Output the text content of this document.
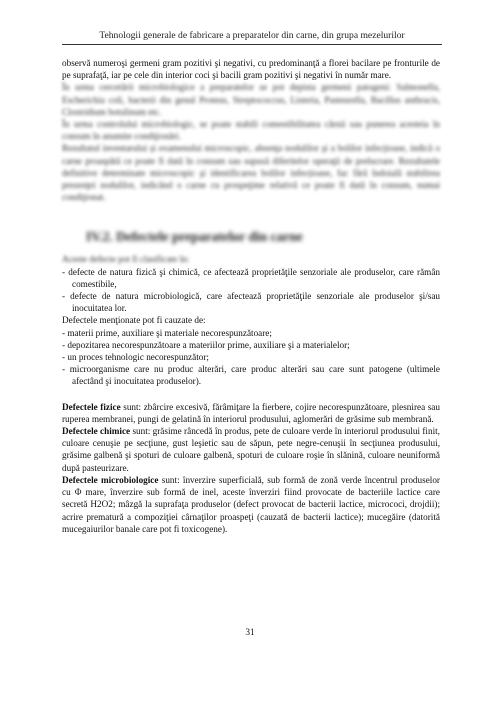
Tehnologii generale de fabricare a preparatelor din carne, din grupa mezelurilor

observă numeroşi germeni gram pozitivi şi negativi, cu predominanţă a florei bacilare pe fronturile de pe suprafaţă, iar pe cele din interior coci şi bacili gram pozitivi şi negativi în număr mare.

În urma cercetării microbiologice a preparatelor se pot depista germeni patogeni: Salmonella, Escherichia coli, bacterii din genul Proteus, Streptococcus, Listeria, Pasteurella, Bacillus anthracis, Clostridium botulinum etc.

În urma controlului microbiologic, se poate stabili comestibilitatea cărnii sau punerea acesteia în consum în anumite condiţionări.

Rezultatul inventarului și examenului microscopic, absenţa nodulilor şi a bolilor infecțioase, indică o carne proaspătă ce poate fi dată în consum sau supusă diferitelor operaţii de prelucrare. Rezultatele definitive determinate microscopic şi identificarea bolilor infecțioase, fac fără îndoială stabilirea prezenţei nodulilor, indicând o carne cu prospeţime relativă ce poate fi dată în consum, numai condiţionat.

IV.2. Defectele preparatelor din carne

Aceste defecte pot fi clasificate în:

- defecte de natura fizică şi chimică, ce afectează proprietăţile senzoriale ale produselor, care rămân comestibile,
- defecte de natura microbiologică, care afectează proprietăţile senzoriale ale produselor şi/sau inocuitatea lor.

Defectele menţionate pot fi cauzate de:

- materii prime, auxiliare şi materiale necorespunzătoare;
- depozitarea necorespunzătoare a materiilor prime, auxiliare şi a materialelor;
- un proces tehnologic necorespunzător;
- microorganisme care nu produc alterări, care produc alterări sau care sunt patogene (ultimele afectând şi inocuitatea produselor).

Defectele fizice sunt: zbârcire excesivă, fărâmiţare la fierbere, cojire necorespunzătoare, plesnirea sau ruperea membranei, pungi de gelatină în interiorul produsului, aglomerări de grăsime sub membrană.

Defectele chimice sunt: grăsime râncedă în produs, pete de culoare verde în interiorul produsului finit, culoare cenuşie pe secţiune, gust leşietic sau de săpun, pete negre-cenuşii în secţiunea produsului, grăsime galbenă şi spoturi de culoare galbenă, spoturi de culoare roşie în slănină, culoare neuniformă după pasteurizare.

Defectele microbiologice sunt: înverzire superficială, sub formă de zonă verde încentrul produselor cu Φ mare, înverzire sub formă de inel, aceste înverziri fiind provocate de bacteriile lactice care secretă H2O2; mâzgă la suprafaţa produselor (defect provocat de bacterii lactice, micrococi, drojdii); acrire prematură a compoziţiei cârnaţilor proaspeţi (cauzată de bacterii lactice); mucegăire (datorită mucegaiurilor banale care pot fi toxicogene).

31
